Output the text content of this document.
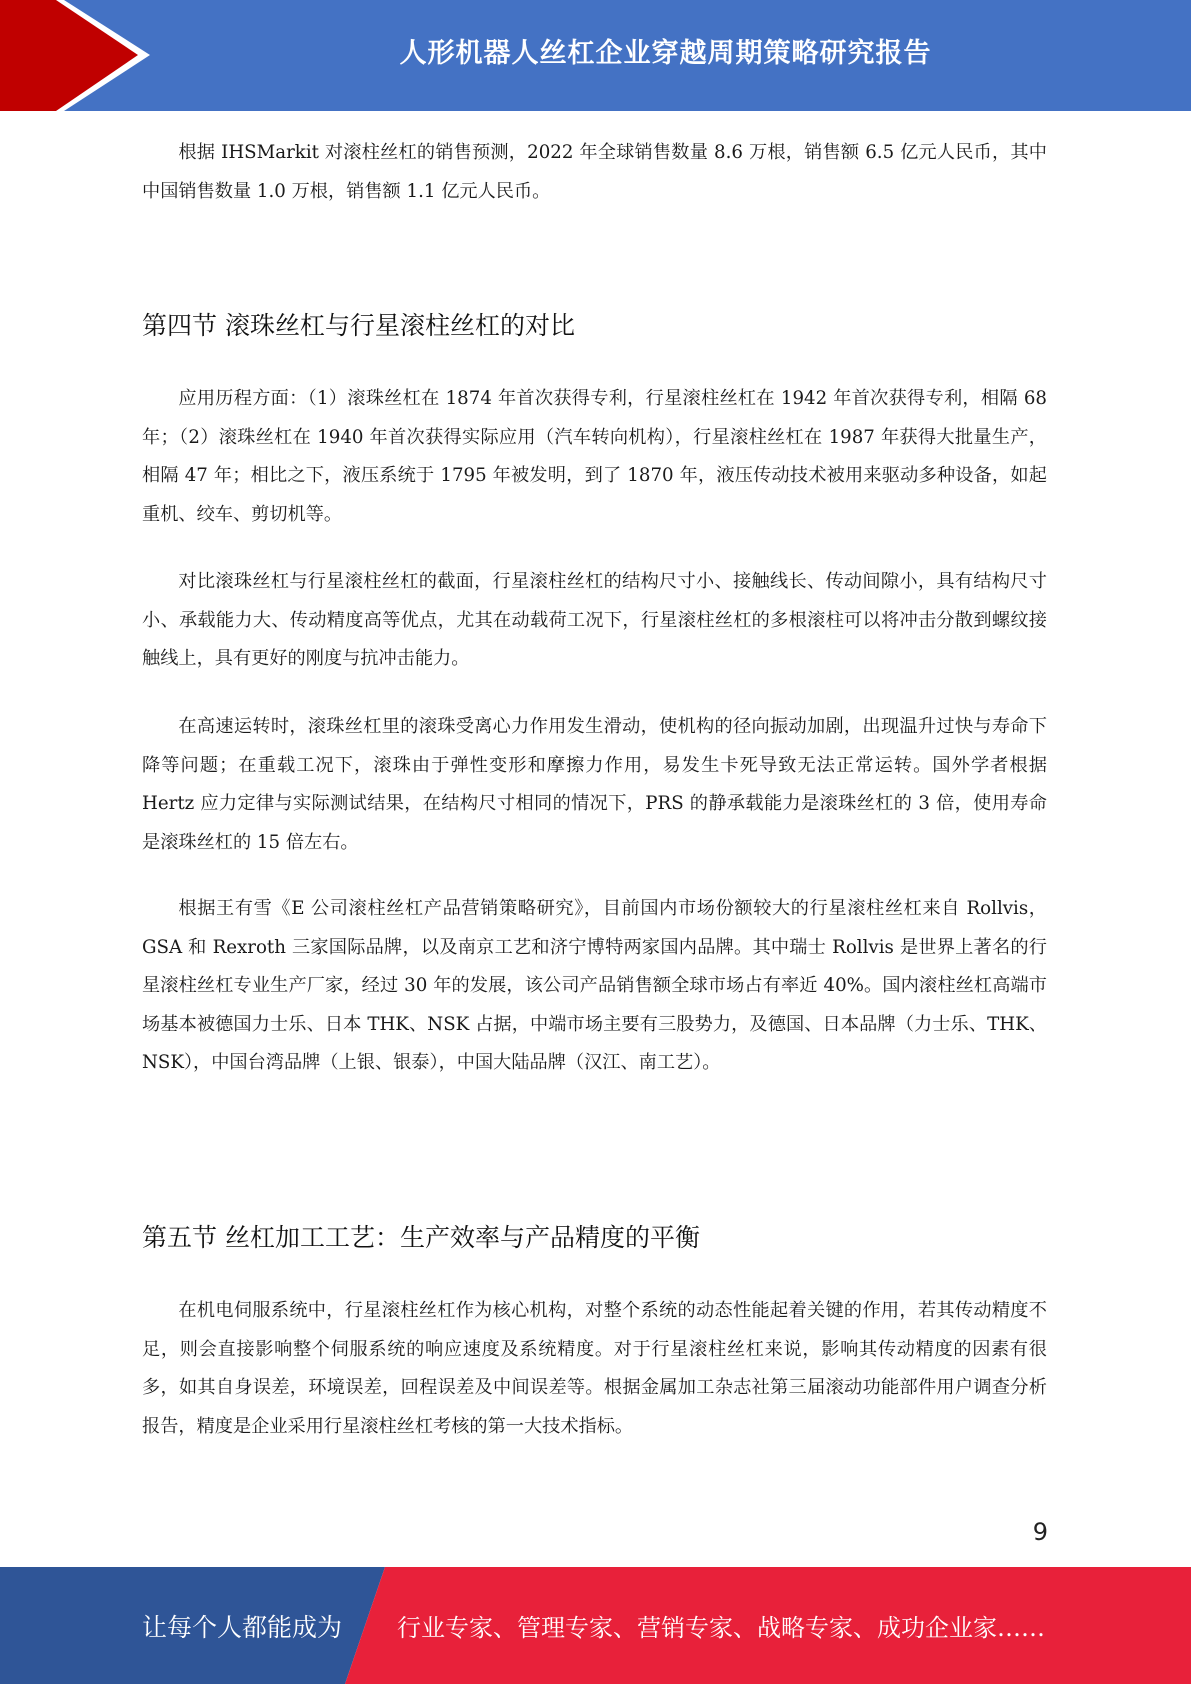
人形机器人丝杠企业穿越周期策略研究报告

根据 IHSMarkit 对滚柱丝杠的销售预测，2022 年全球销售数量 8.6 万根，销售额 6.5 亿元人民币，其中中国销售数量 1.0 万根，销售额 1.1 亿元人民币。

第四节 滚珠丝杠与行星滚柱丝杠的对比

应用历程方面：（1）滚珠丝杠在 1874 年首次获得专利，行星滚柱丝杠在 1942 年首次获得专利，相隔 68 年；（2）滚珠丝杠在 1940 年首次获得实际应用（汽车转向机构），行星滚柱丝杠在 1987 年获得大批量生产，相隔 47 年；相比之下，液压系统于 1795 年被发明，到了 1870 年，液压传动技术被用来驱动多种设备，如起重机、绞车、剪切机等。

对比滚珠丝杠与行星滚柱丝杠的截面，行星滚柱丝杠的结构尺寸小、接触线长、传动间隙小，具有结构尺寸小、承载能力大、传动精度高等优点，尤其在动载荷工况下，行星滚柱丝杠的多根滚柱可以将冲击分散到螺纹接触线上，具有更好的刚度与抗冲击能力。

在高速运转时，滚珠丝杠里的滚珠受离心力作用发生滑动，使机构的径向振动加剧，出现温升过快与寿命下降等问题；在重载工况下，滚珠由于弹性变形和摩擦力作用，易发生卡死导致无法正常运转。国外学者根据 Hertz 应力定律与实际测试结果，在结构尺寸相同的情况下，PRS 的静承载能力是滚珠丝杠的 3 倍，使用寿命是滚珠丝杠的 15 倍左右。

根据王有雪《E 公司滚柱丝杠产品营销策略研究》，目前国内市场份额较大的行星滚柱丝杠来自 Rollvis，GSA 和 Rexroth 三家国际品牌，以及南京工艺和济宁博特两家国内品牌。其中瑞士 Rollvis 是世界上著名的行星滚柱丝杠专业生产厂家，经过 30 年的发展，该公司产品销售额全球市场占有率近 40%。国内滚柱丝杠高端市场基本被德国力士乐、日本 THK、NSK 占据，中端市场主要有三股势力，及德国、日本品牌（力士乐、THK、NSK），中国台湾品牌（上银、银泰），中国大陆品牌（汉江、南工艺）。

第五节 丝杠加工工艺：生产效率与产品精度的平衡

在机电伺服系统中，行星滚柱丝杠作为核心机构，对整个系统的动态性能起着关键的作用，若其传动精度不足，则会直接影响整个伺服系统的响应速度及系统精度。对于行星滚柱丝杠来说，影响其传动精度的因素有很多，如其自身误差，环境误差，回程误差及中间误差等。根据金属加工杂志社第三届滚动功能部件用户调查分析报告，精度是企业采用行星滚柱丝杠考核的第一大技术指标。

9
让每个人都能成为 行业专家、管理专家、营销专家、战略专家、成功企业家……
